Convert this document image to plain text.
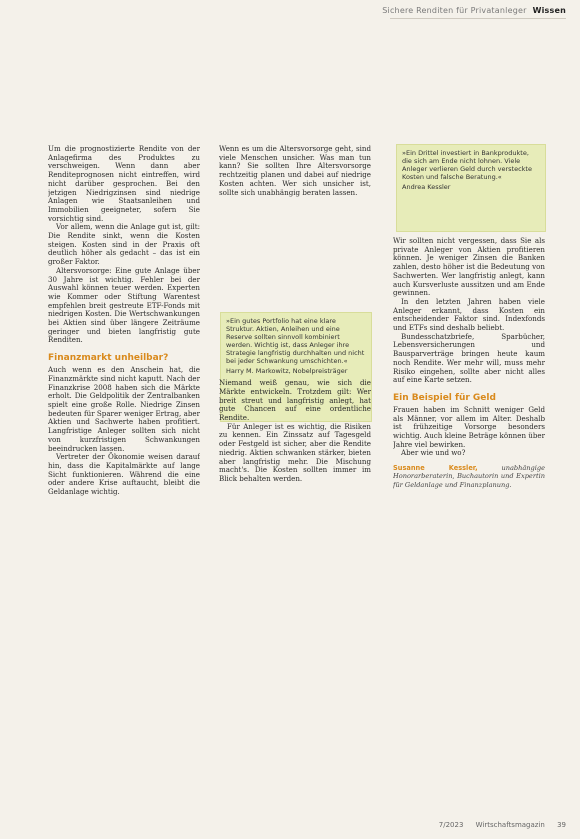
Sichere Renditen für Privatanleger Wissen

Um die prognostizierte Rendite von der Anlagefirma des Produktes zu verschweigen. Wenn dann aber Renditeprognosen nicht eintreffen, wird nicht darüber gesprochen. Bei den jetzigen Niedrigzinsen sind niedrige Anlagen wie Staatsanleihen und Immobilien geeigneter, sofern Sie vorsichtig sind.

Vor allem, wenn die Anlage gut ist, gilt: Die Rendite sinkt, wenn die Kosten steigen. Kosten sind in der Praxis oft deutlich höher als gedacht – das ist ein großer Faktor.

Altersvorsorge: Eine gute Anlage über 30 Jahre ist wichtig. Fehler bei der Auswahl können teuer werden. Experten wie Kommer oder Stiftung Warentest empfehlen breit gestreute ETF-Fonds mit niedrigen Kosten. Die Wertschwankungen bei Aktien sind über längere Zeiträume geringer und bieten langfristig gute Renditen.

Finanzmarkt unheilbar?

Auch wenn es den Anschein hat, die Finanzmärkte sind nicht kaputt. Nach der Finanzkrise 2008 haben sich die Märkte erholt. Die Geldpolitik der Zentralbanken spielt eine große Rolle. Niedrige Zinsen bedeuten für Sparer weniger Ertrag, aber Aktien und Sachwerte haben profitiert. Langfristige Anleger sollten sich nicht von kurzfristigen Schwankungen beeindrucken lassen.

Vertreter der Ökonomie weisen darauf hin, dass die Kapitalmärkte auf lange Sicht funktionieren. Während die eine oder andere Krise auftaucht, bleibt die Geldanlage wichtig.

»Ein gutes Portfolio hat eine klare Struktur. Aktien, Anleihen und eine Reserve sollten sinnvoll kombiniert werden. Wichtig ist, dass Anleger ihre Strategie langfristig durchhalten und nicht bei jeder Schwankung umschichten.«
Harry M. Markowitz, Nobelpreisträger

Wenn es um die Altersvorsorge geht, sind viele Menschen unsicher. Was man tun kann? Sie sollten Ihre Altersvorsorge rechtzeitig planen und dabei auf niedrige Kosten achten. Wer sich unsicher ist, sollte sich unabhängig beraten lassen.

Niemand weiß genau, wie sich die Märkte entwickeln. Trotzdem gilt: Wer breit streut und langfristig anlegt, hat gute Chancen auf eine ordentliche Rendite.

Für Anleger ist es wichtig, die Risiken zu kennen. Ein Zinssatz auf Tagesgeld oder Festgeld ist sicher, aber die Rendite niedrig. Aktien schwanken stärker, bieten aber langfristig mehr. Die Mischung macht's. Die Kosten sollten immer im Blick behalten werden.

»Ein Drittel investiert in Bankprodukte, die sich am Ende nicht lohnen. Viele Anleger verlieren Geld durch versteckte Kosten und falsche Beratung.«
Andrea Kessler

Wir sollten nicht vergessen, dass Sie als private Anleger von Aktien profitieren können. Je weniger Zinsen die Banken zahlen, desto höher ist die Bedeutung von Sachwerten. Wer langfristig anlegt, kann auch Kursverluste aussitzen und am Ende gewinnen.

In den letzten Jahren haben viele Anleger erkannt, dass Kosten ein entscheidender Faktor sind. Indexfonds und ETFs sind deshalb beliebt.

Bundesschatzbriefe, Sparbücher, Lebensversicherungen und Bausparverträge bringen heute kaum noch Rendite. Wer mehr will, muss mehr Risiko eingehen, sollte aber nicht alles auf eine Karte setzen.

Ein Beispiel für Geld

Frauen haben im Schnitt weniger Geld als Männer, vor allem im Alter. Deshalb ist frühzeitige Vorsorge besonders wichtig. Auch kleine Beträge können über Jahre viel bewirken.

Aber wie und wo?

Susanne Kessler,	unabhängige Honorarberaterin, Buchautorin und Expertin für Geldanlage und Finanzplanung.
7/2023 Wirtschaftsmagazin 39
